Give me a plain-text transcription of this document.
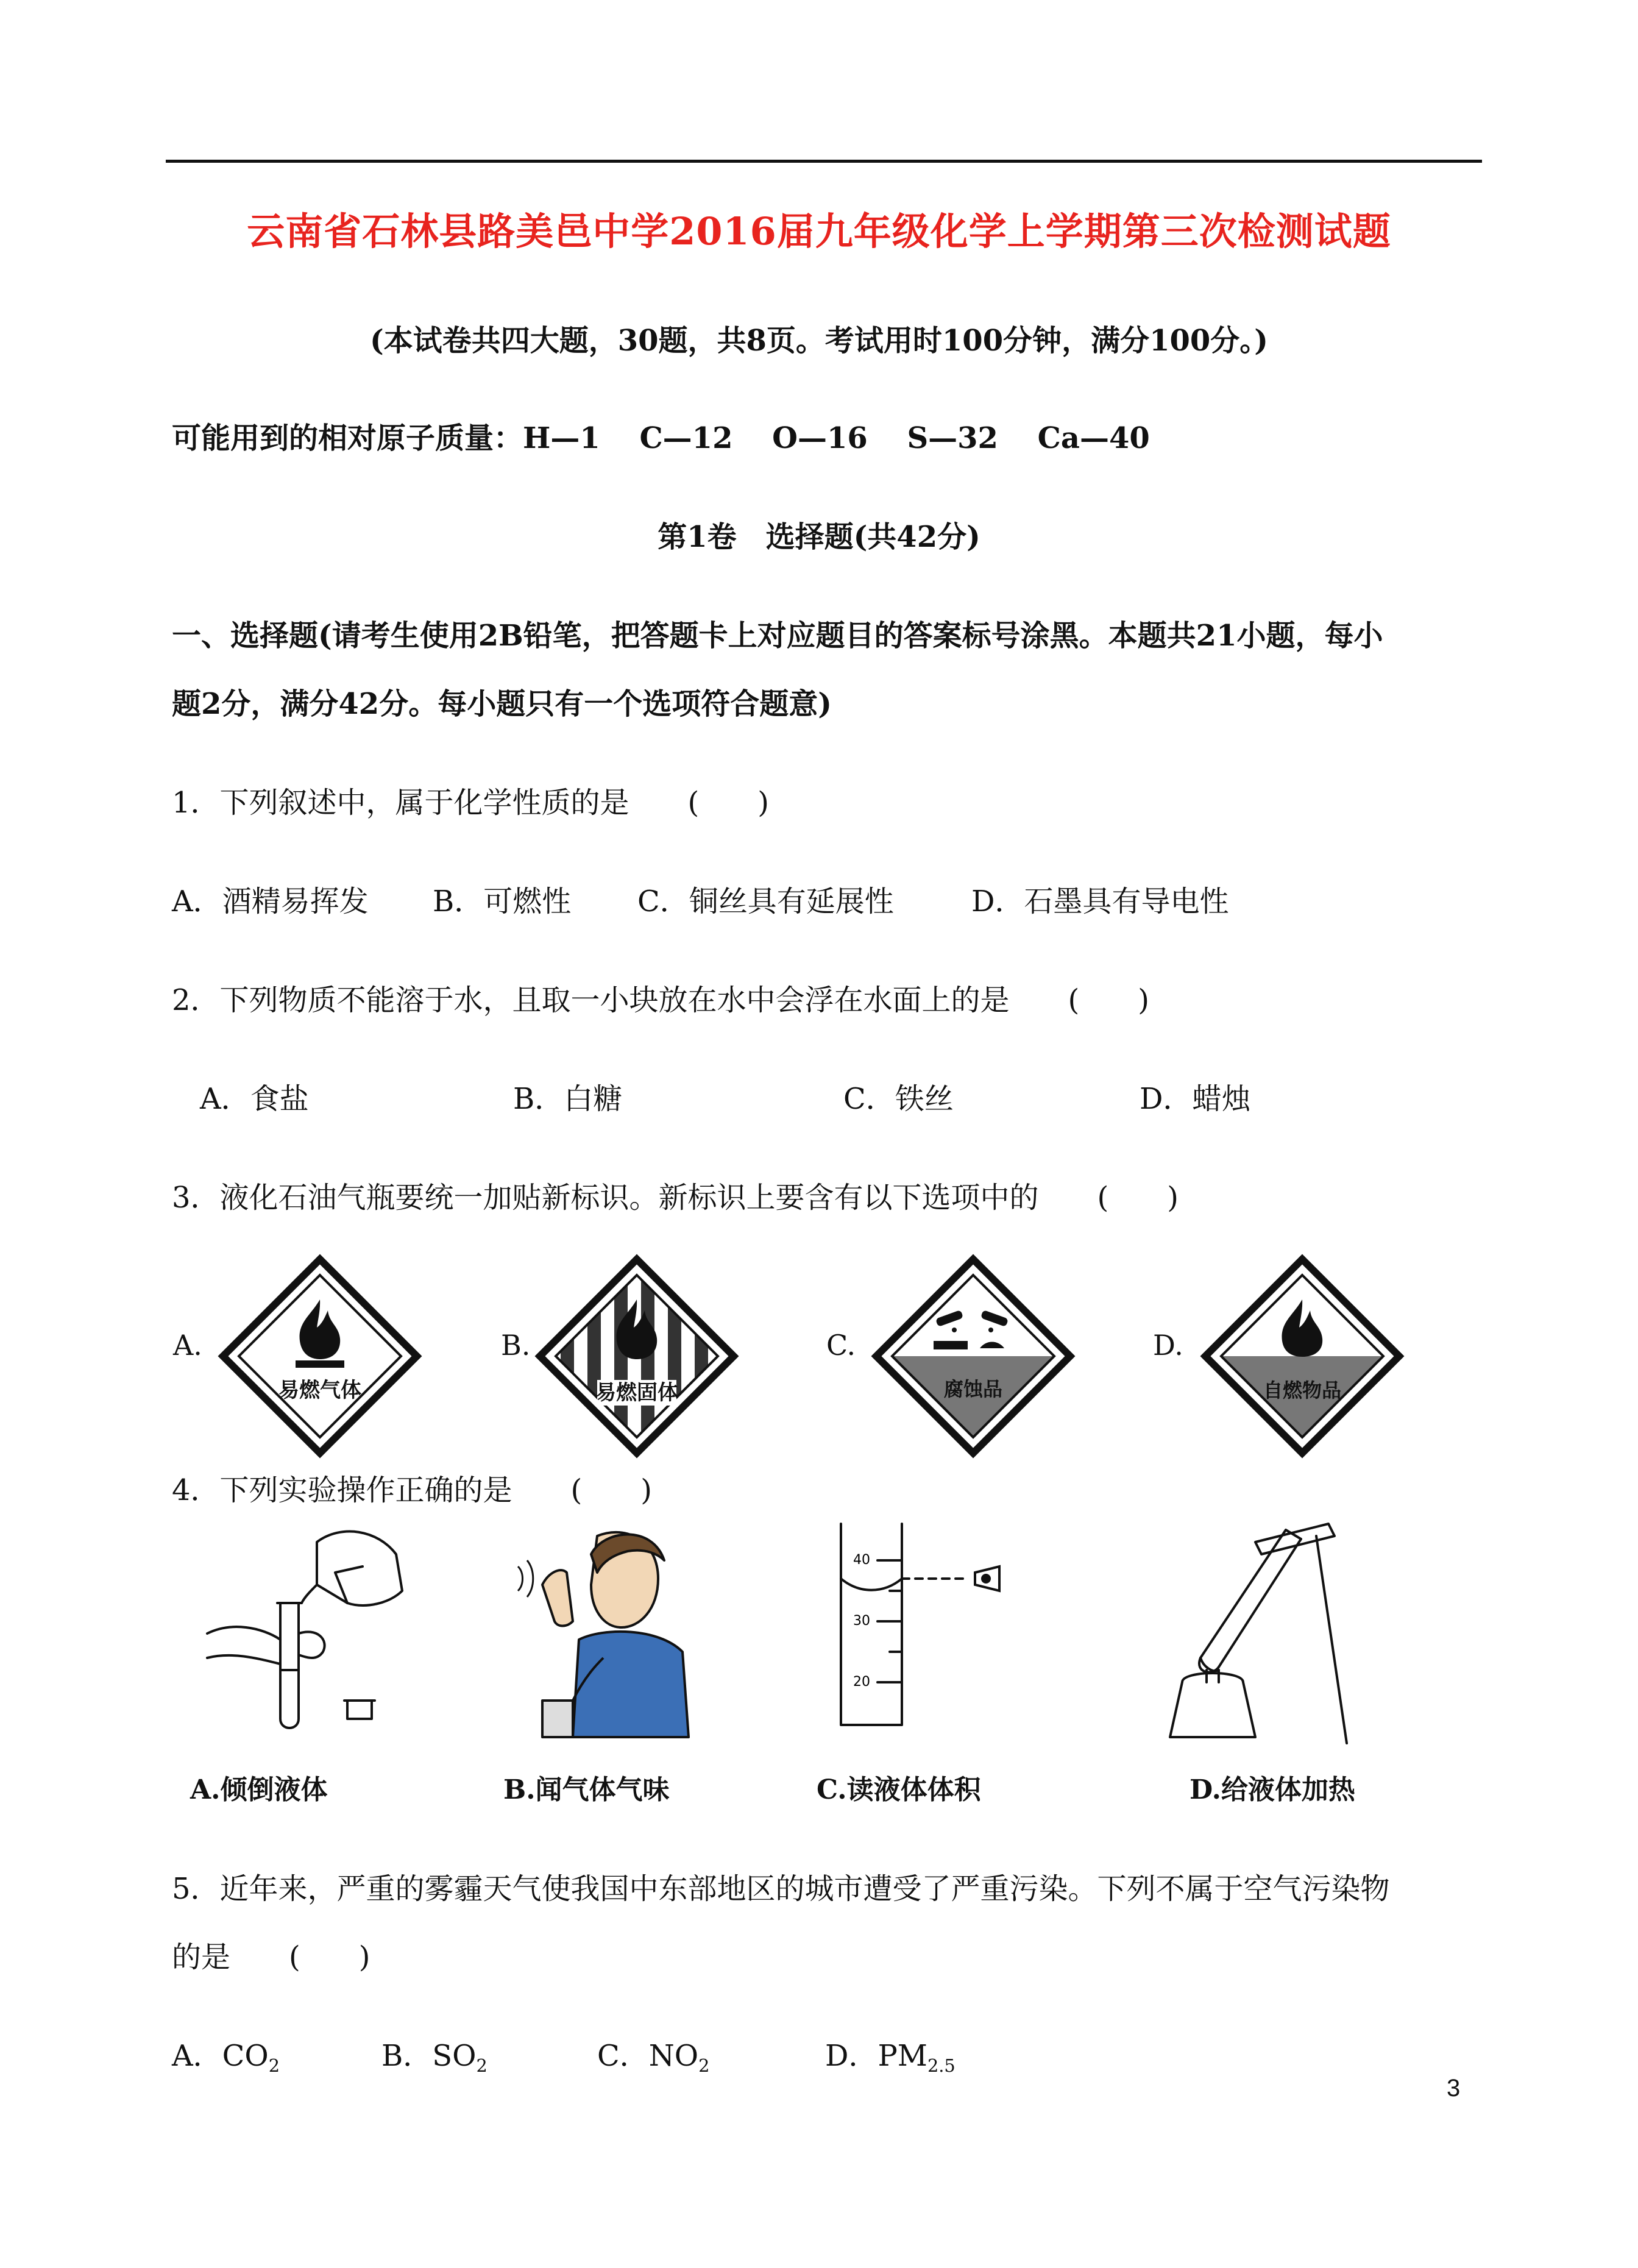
云南省石林县路美邑中学2016届九年级化学上学期第三次检测试题
(本试卷共四大题，30题，共8页。考试用时100分钟，满分100分。)
可能用到的相对原子质量：H—1　 C—12　 O—16　 S—32　 Ca—40
第1卷　选择题(共42分)
一、选择题(请考生使用2B铅笔，把答题卡上对应题目的答案标号涂黑。本题共21小题，每小
题2分，满分42分。每小题只有一个选项符合题意)
1．下列叙述中，属于化学性质的是　　(　　)
A．酒精易挥发 B．可燃性 C．铜丝具有延展性	D．石墨具有导电性
2．下列物质不能溶于水，且取一小块放在水中会浮在水面上的是　　(　　)
A．食盐	B．白糖	C．铁丝	D．蜡烛
3．液化石油气瓶要统一加贴新标识。新标识上要含有以下选项中的　　(　　)
A.
易燃气体
B.
易燃固体
C.
腐蚀品
D.
自燃物品
4．下列实验操作正确的是　　(　　)
40
30
20
A.倾倒液体	B.闻气体气味	C.读液体体积	D.给液体加热
5．近年来，严重的雾霾天气使我国中东部地区的城市遭受了严重污染。下列不属于空气污染物
的是　　(　　)
A．$CO_2$	B．$SO_2$	C．$NO_2$	D．$PM_{2.5}$
3
